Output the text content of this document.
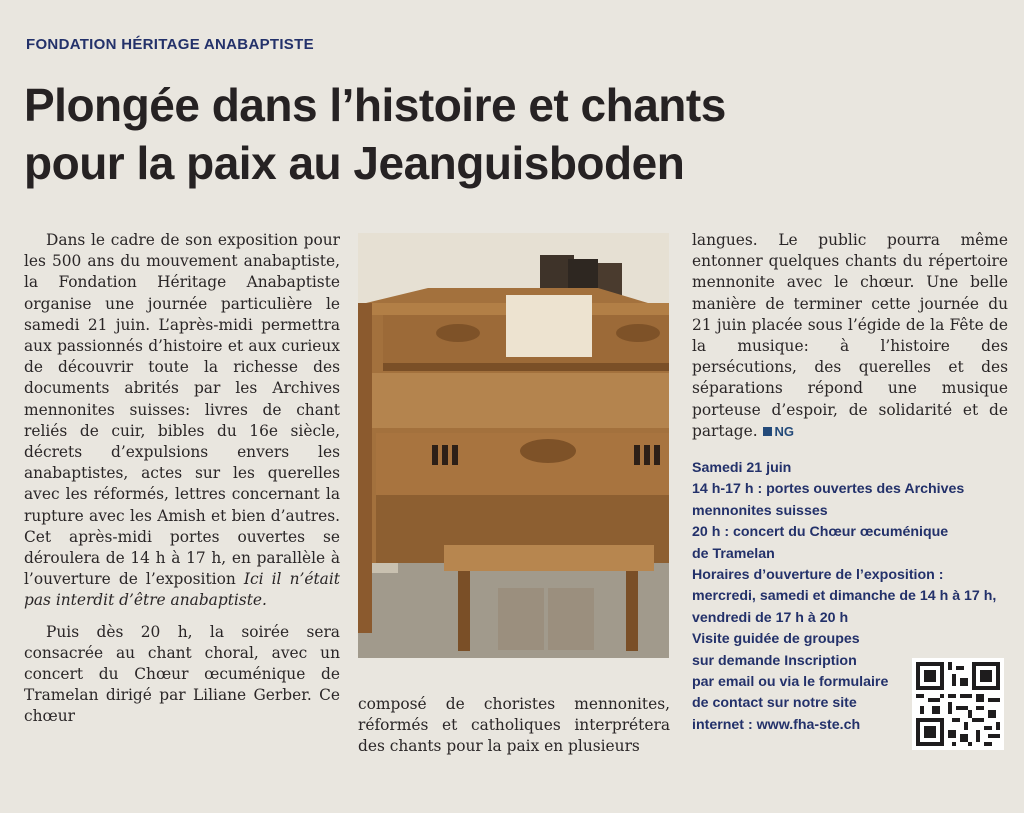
FONDATION HÉRITAGE ANABAPTISTE
Plongée dans l’histoire et chants
pour la paix au Jeanguisboden

Dans le cadre de son exposition pour les 500 ans du mouvement anabaptiste, la Fondation Héritage Anabaptiste organise une journée particulière le samedi 21 juin. L’après-midi permettra aux passionnés d’histoire et aux curieux de découvrir toute la richesse des documents abrités par les Archives mennonites suisses: livres de chant reliés de cuir, bibles du 16e siècle, décrets d’expulsions envers les anabaptistes, actes sur les querelles avec les réformés, lettres concernant la rupture avec les Amish et bien d’autres. Cet après-midi portes ouvertes se déroulera de 14 h à 17 h, en parallèle à l’ouverture de l’exposition Ici il n’était pas interdit d’être anabaptiste.

Puis dès 20 h, la soirée sera consacrée au chant choral, avec un concert du Chœur œcuménique de Tramelan dirigé par Liliane Gerber. Ce chœur

composé de choristes mennonites, réformés et catholiques interprétera des chants pour la paix en plusieurs

langues. Le public pourra même entonner quelques chants du répertoire mennonite avec le chœur. Une belle manière de terminer cette journée du 21 juin placée sous l’égide de la Fête de la musique: à l’histoire des persécutions, des querelles et des séparations répond une musique porteuse d’espoir, de solidarité et de partage. NG

Samedi 21 juin
14 h-17 h : portes ouvertes des Archives
mennonites suisses
20 h : concert du Chœur œcuménique
de Tramelan
Horaires d’ouverture de l’exposition :
mercredi, samedi et dimanche de 14 h à 17 h,
vendredi de 17 h à 20 h
Visite guidée de groupes
sur demande Inscription
par email ou via le formulaire
de contact sur notre site
internet : www.fha-ste.ch
